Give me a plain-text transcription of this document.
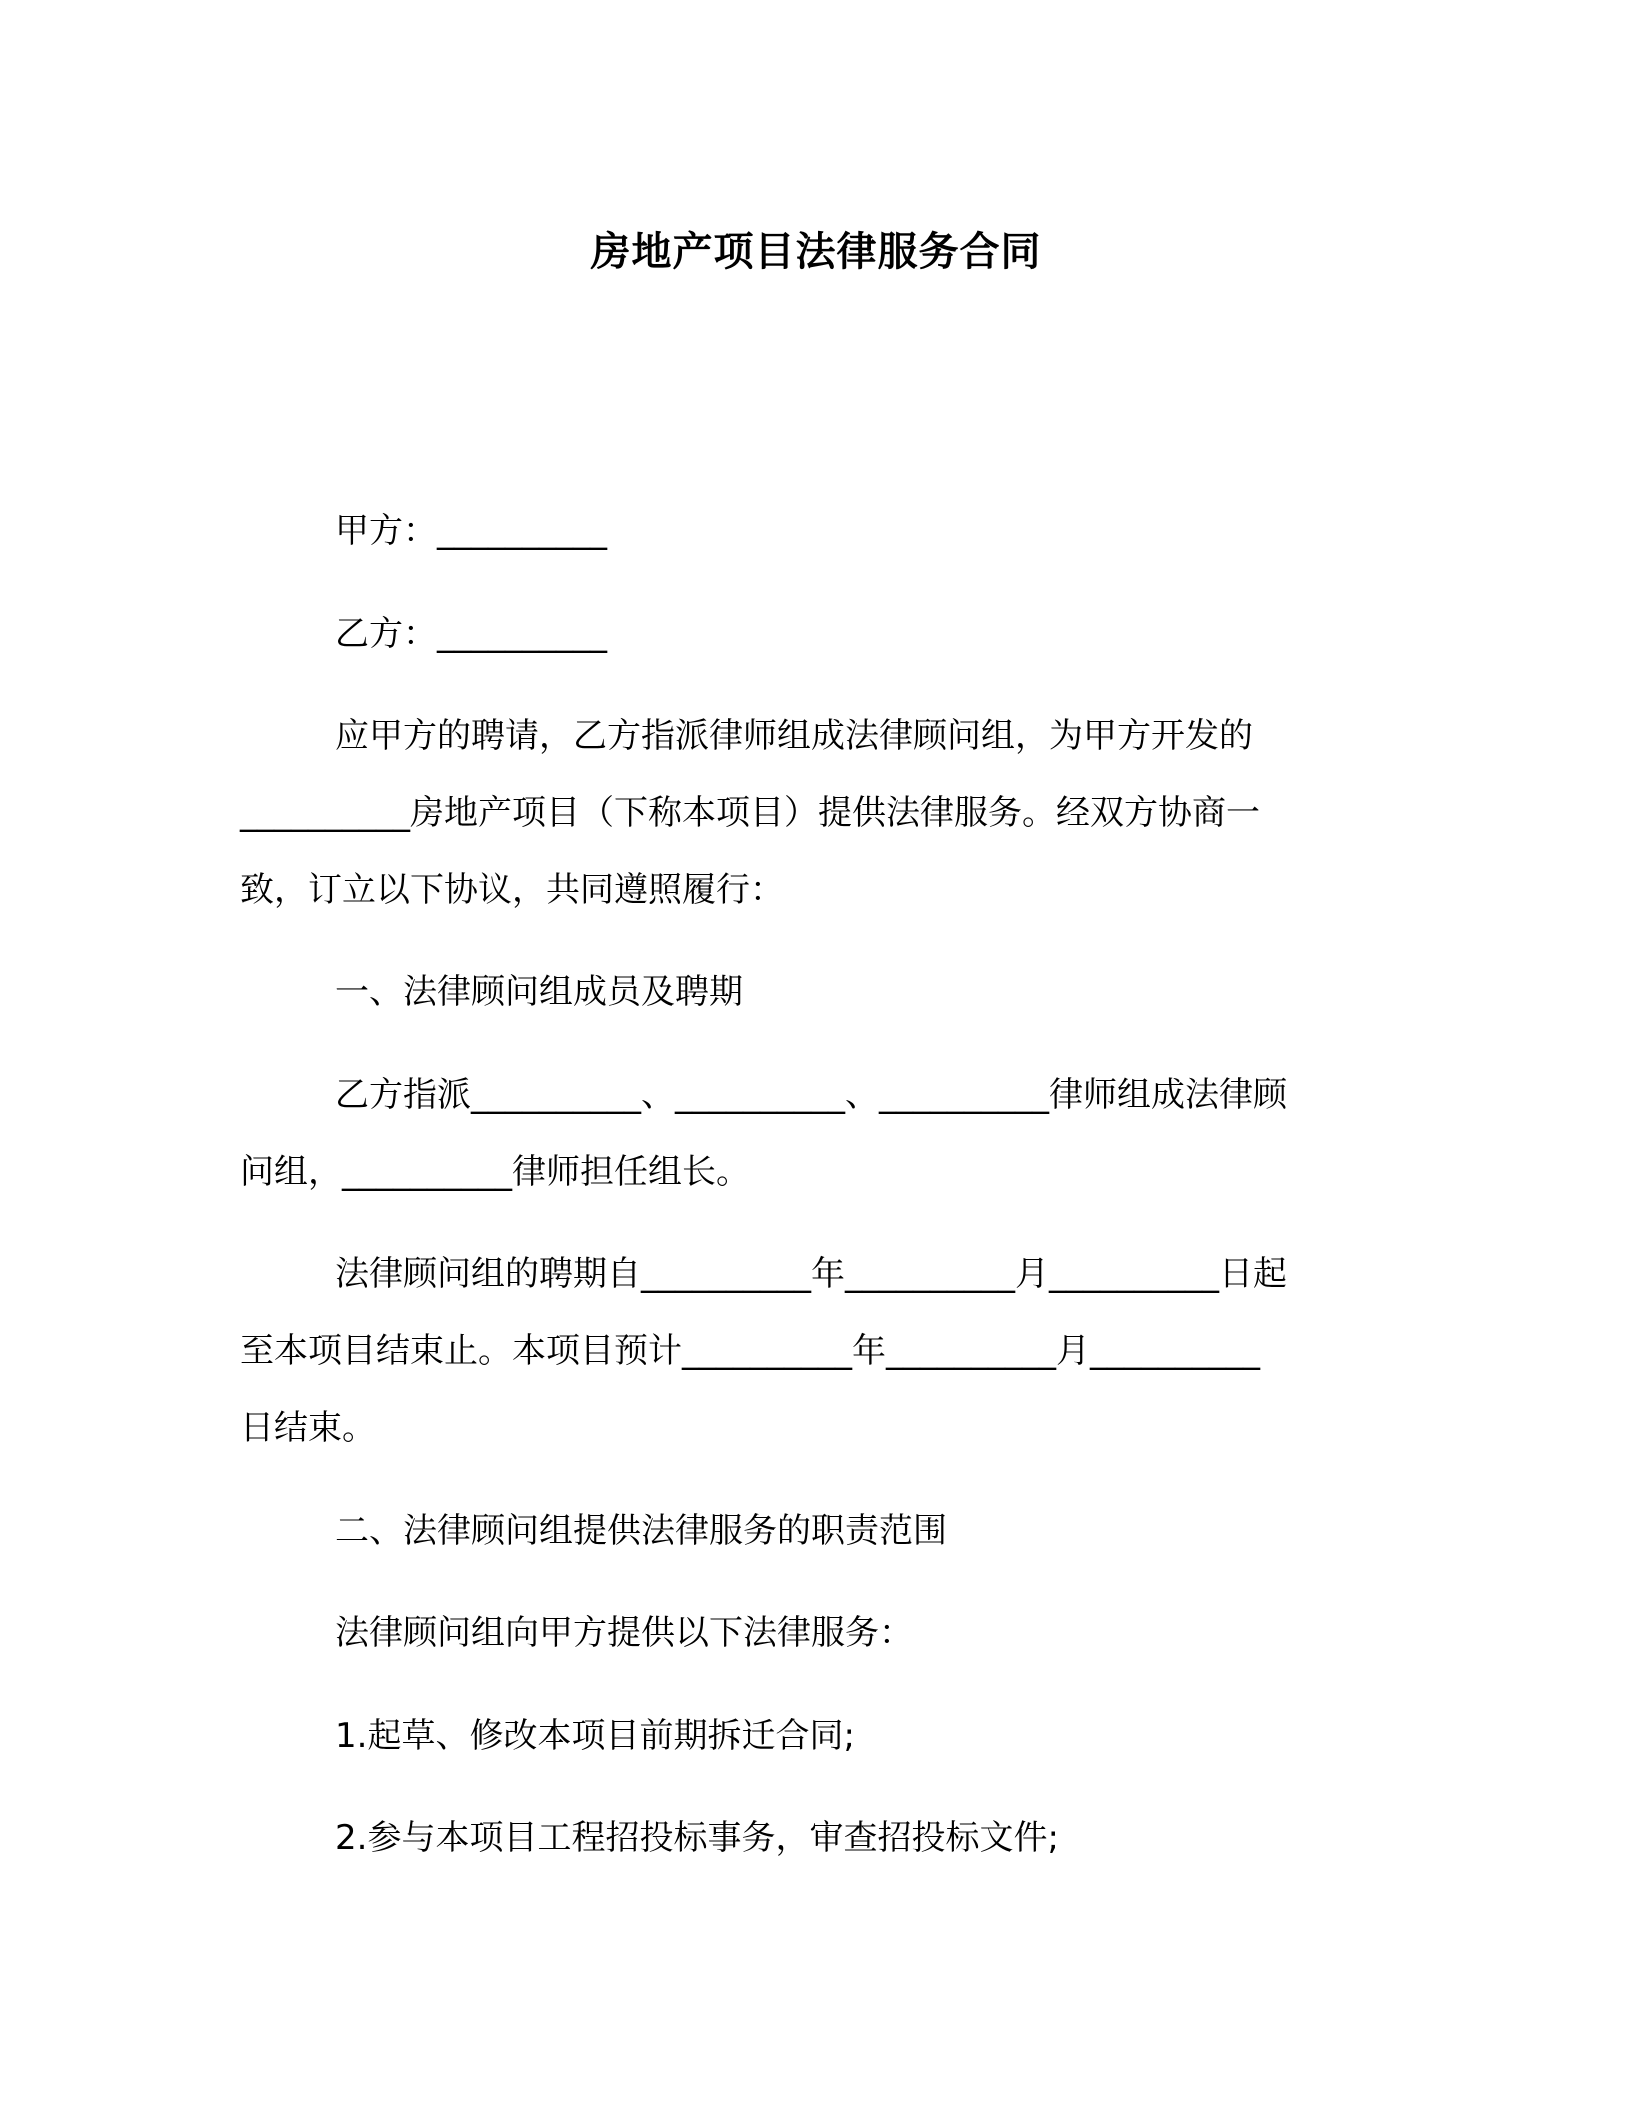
房地产项目法律服务合同
甲方：__________
乙方：__________
应甲方的聘请，乙方指派律师组成法律顾问组，为甲方开发的
__________房地产项目（下称本项目）提供法律服务。经双方协商一
致，订立以下协议，共同遵照履行：
一、法律顾问组成员及聘期
乙方指派__________、__________、__________律师组成法律顾
问组，__________律师担任组长。
法律顾问组的聘期自__________年__________月__________日起
至本项目结束止。本项目预计__________年__________月__________
日结束。
二、法律顾问组提供法律服务的职责范围
法律顾问组向甲方提供以下法律服务：
1.起草、修改本项目前期拆迁合同;
2.参与本项目工程招投标事务，审查招投标文件;
